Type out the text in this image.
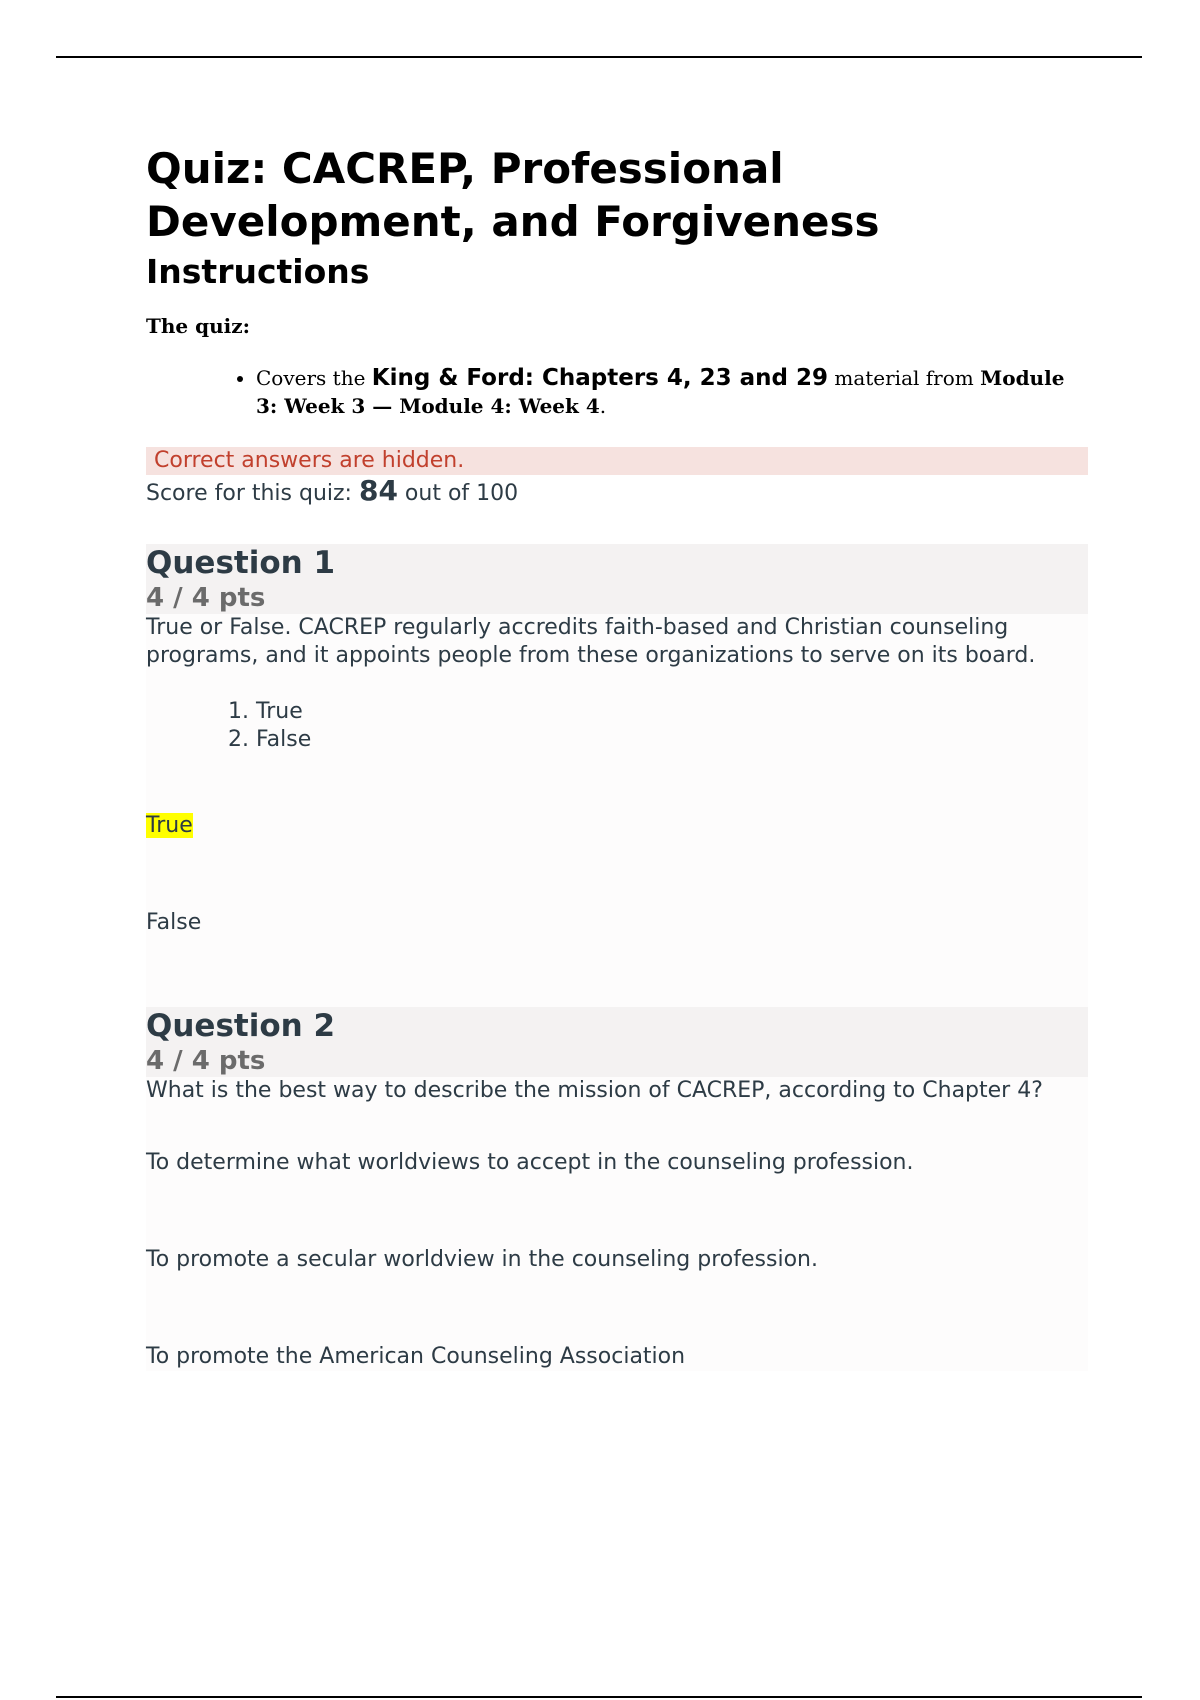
Quiz: CACREP, Professional Development, and Forgiveness
Instructions

The quiz:

• Covers the King & Ford: Chapters 4, 23 and 29 material from Module 3: Week 3 — Module 4: Week 4.
Correct answers are hidden.
Score for this quiz: 84 out of 100
Question 1
4 / 4 pts
True or False. CACREP regularly accredits faith-based and Christian counseling programs, and it appoints people from these organizations to serve on its board.
1. True
2. False
True
False
Question 2
4 / 4 pts
What is the best way to describe the mission of CACREP, according to Chapter 4?
To determine what worldviews to accept in the counseling profession.
To promote a secular worldview in the counseling profession.
To promote the American Counseling Association
